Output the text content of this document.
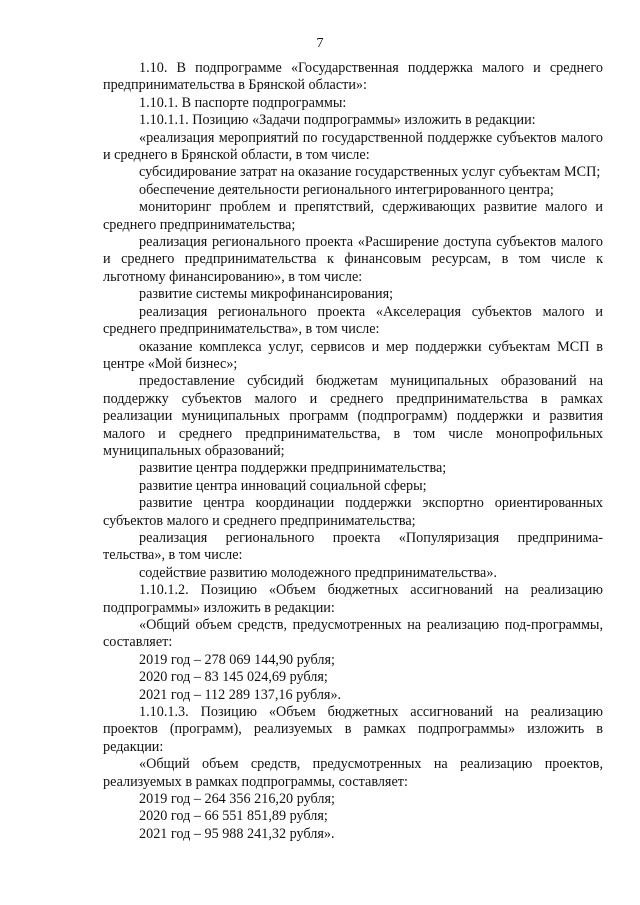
7

1.10. В подпрограмме «Государственная поддержка малого и среднего предпринимательства в Брянской области»:

1.10.1. В паспорте подпрограммы:

1.10.1.1. Позицию «Задачи подпрограммы» изложить в редакции:

«реализация мероприятий по государственной поддержке субъектов малого и среднего в Брянской области, в том числе:

субсидирование затрат на оказание государственных услуг субъектам МСП;

обеспечение деятельности регионального интегрированного центра;

мониторинг проблем и препятствий, сдерживающих развитие малого и среднего предпринимательства;

реализация регионального проекта «Расширение доступа субъектов малого и среднего предпринимательства к финансовым ресурсам, в том числе к льготному финансированию», в том числе:

развитие системы микрофинансирования;

реализация регионального проекта «Акселерация субъектов малого и среднего предпринимательства», в том числе:

оказание комплекса услуг, сервисов и мер поддержки субъектам МСП в центре «Мой бизнес»;

предоставление субсидий бюджетам муниципальных образований на поддержку субъектов малого и среднего предпринимательства в рамках реализации муниципальных программ (подпрограмм) поддержки и развития малого и среднего предпринимательства, в том числе монопрофильных муниципальных образований;

развитие центра поддержки предпринимательства;

развитие центра инноваций социальной сферы;

развитие центра координации поддержки экспортно ориентированных субъектов малого и среднего предпринимательства;

реализация регионального проекта «Популяризация предпринима-тельства», в том числе:

содействие развитию молодежного предпринимательства».

1.10.1.2. Позицию «Объем бюджетных ассигнований на реализацию подпрограммы» изложить в редакции:

«Общий объем средств, предусмотренных на реализацию под-программы, составляет:

2019 год – 278 069 144,90 рубля;

2020 год – 83 145 024,69 рубля;

2021 год – 112 289 137,16 рубля».

1.10.1.3. Позицию «Объем бюджетных ассигнований на реализацию проектов (программ), реализуемых в рамках подпрограммы» изложить в редакции:

«Общий объем средств, предусмотренных на реализацию проектов, реализуемых в рамках подпрограммы, составляет:

2019 год – 264 356 216,20 рубля;

2020 год – 66 551 851,89 рубля;

2021 год – 95 988 241,32 рубля».
